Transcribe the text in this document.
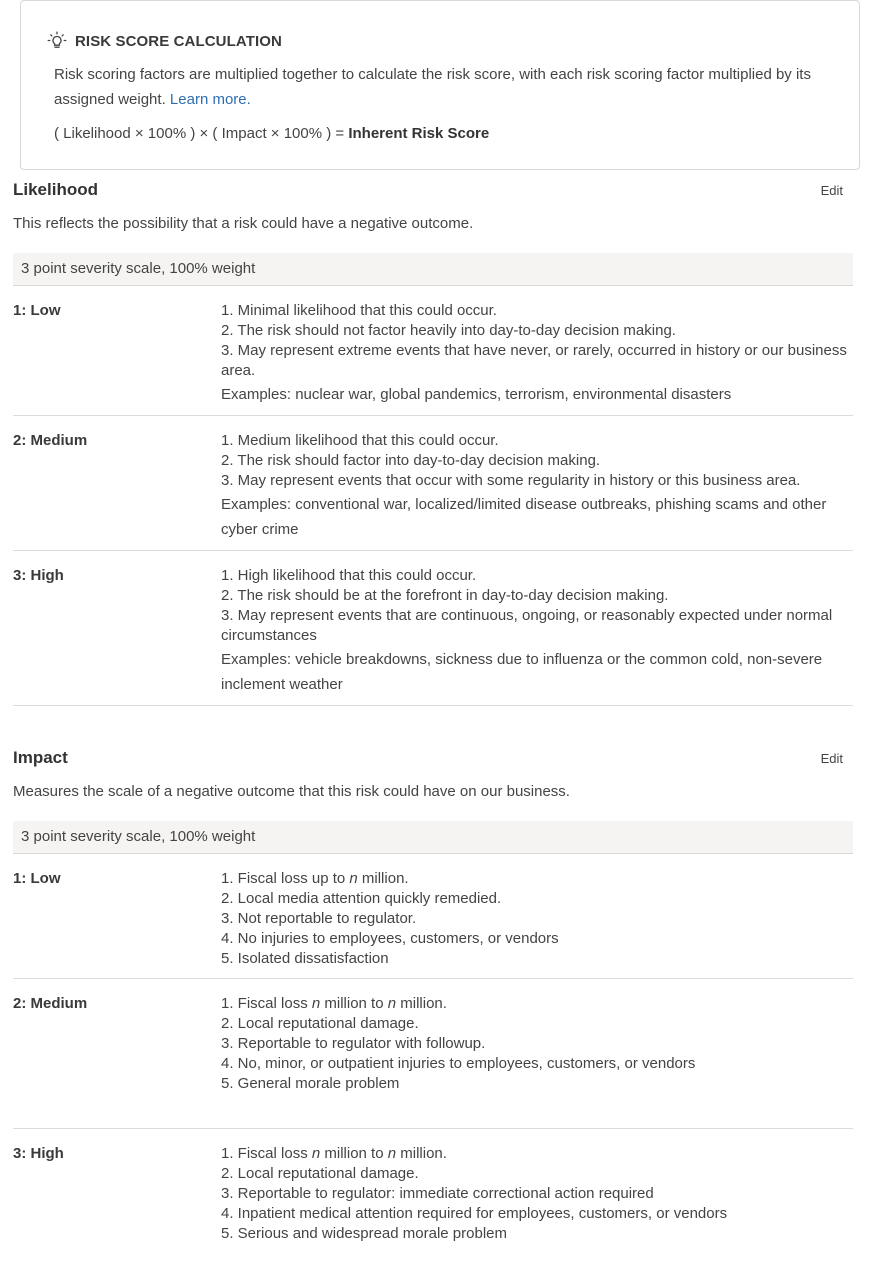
RISK SCORE CALCULATION
Risk scoring factors are multiplied together to calculate the risk score, with each risk scoring factor multiplied by its assigned weight. Learn more.
( Likelihood × 100% ) × ( Impact × 100% ) = Inherent Risk Score
Likelihood	Edit
This reflects the possibility that a risk could have a negative outcome.
3 point severity scale, 100% weight
1: Low	1. Minimal likelihood that this could occur.
2. The risk should not factor heavily into day-to-day decision making.
3. May represent extreme events that have never, or rarely, occurred in history or our business area.
Examples: nuclear war, global pandemics, terrorism, environmental disasters
2: Medium	1. Medium likelihood that this could occur.
2. The risk should factor into day-to-day decision making.
3. May represent events that occur with some regularity in history or this business area.
Examples: conventional war, localized/limited disease outbreaks, phishing scams and other cyber crime
3: High	1. High likelihood that this could occur.
2. The risk should be at the forefront in day-to-day decision making.
3. May represent events that are continuous, ongoing, or reasonably expected under normal circumstances
Examples: vehicle breakdowns, sickness due to influenza or the common cold, non-severe inclement weather
Impact	Edit
Measures the scale of a negative outcome that this risk could have on our business.
3 point severity scale, 100% weight
1: Low	1. Fiscal loss up to n million.
2. Local media attention quickly remedied.
3. Not reportable to regulator.
4. No injuries to employees, customers, or vendors
5. Isolated dissatisfaction
2: Medium	1. Fiscal loss n million to n million.
2. Local reputational damage.
3. Reportable to regulator with followup.
4. No, minor, or outpatient injuries to employees, customers, or vendors
5. General morale problem
3: High	1. Fiscal loss n million to n million.
2. Local reputational damage.
3. Reportable to regulator: immediate correctional action required
4. Inpatient medical attention required for employees, customers, or vendors
5. Serious and widespread morale problem
